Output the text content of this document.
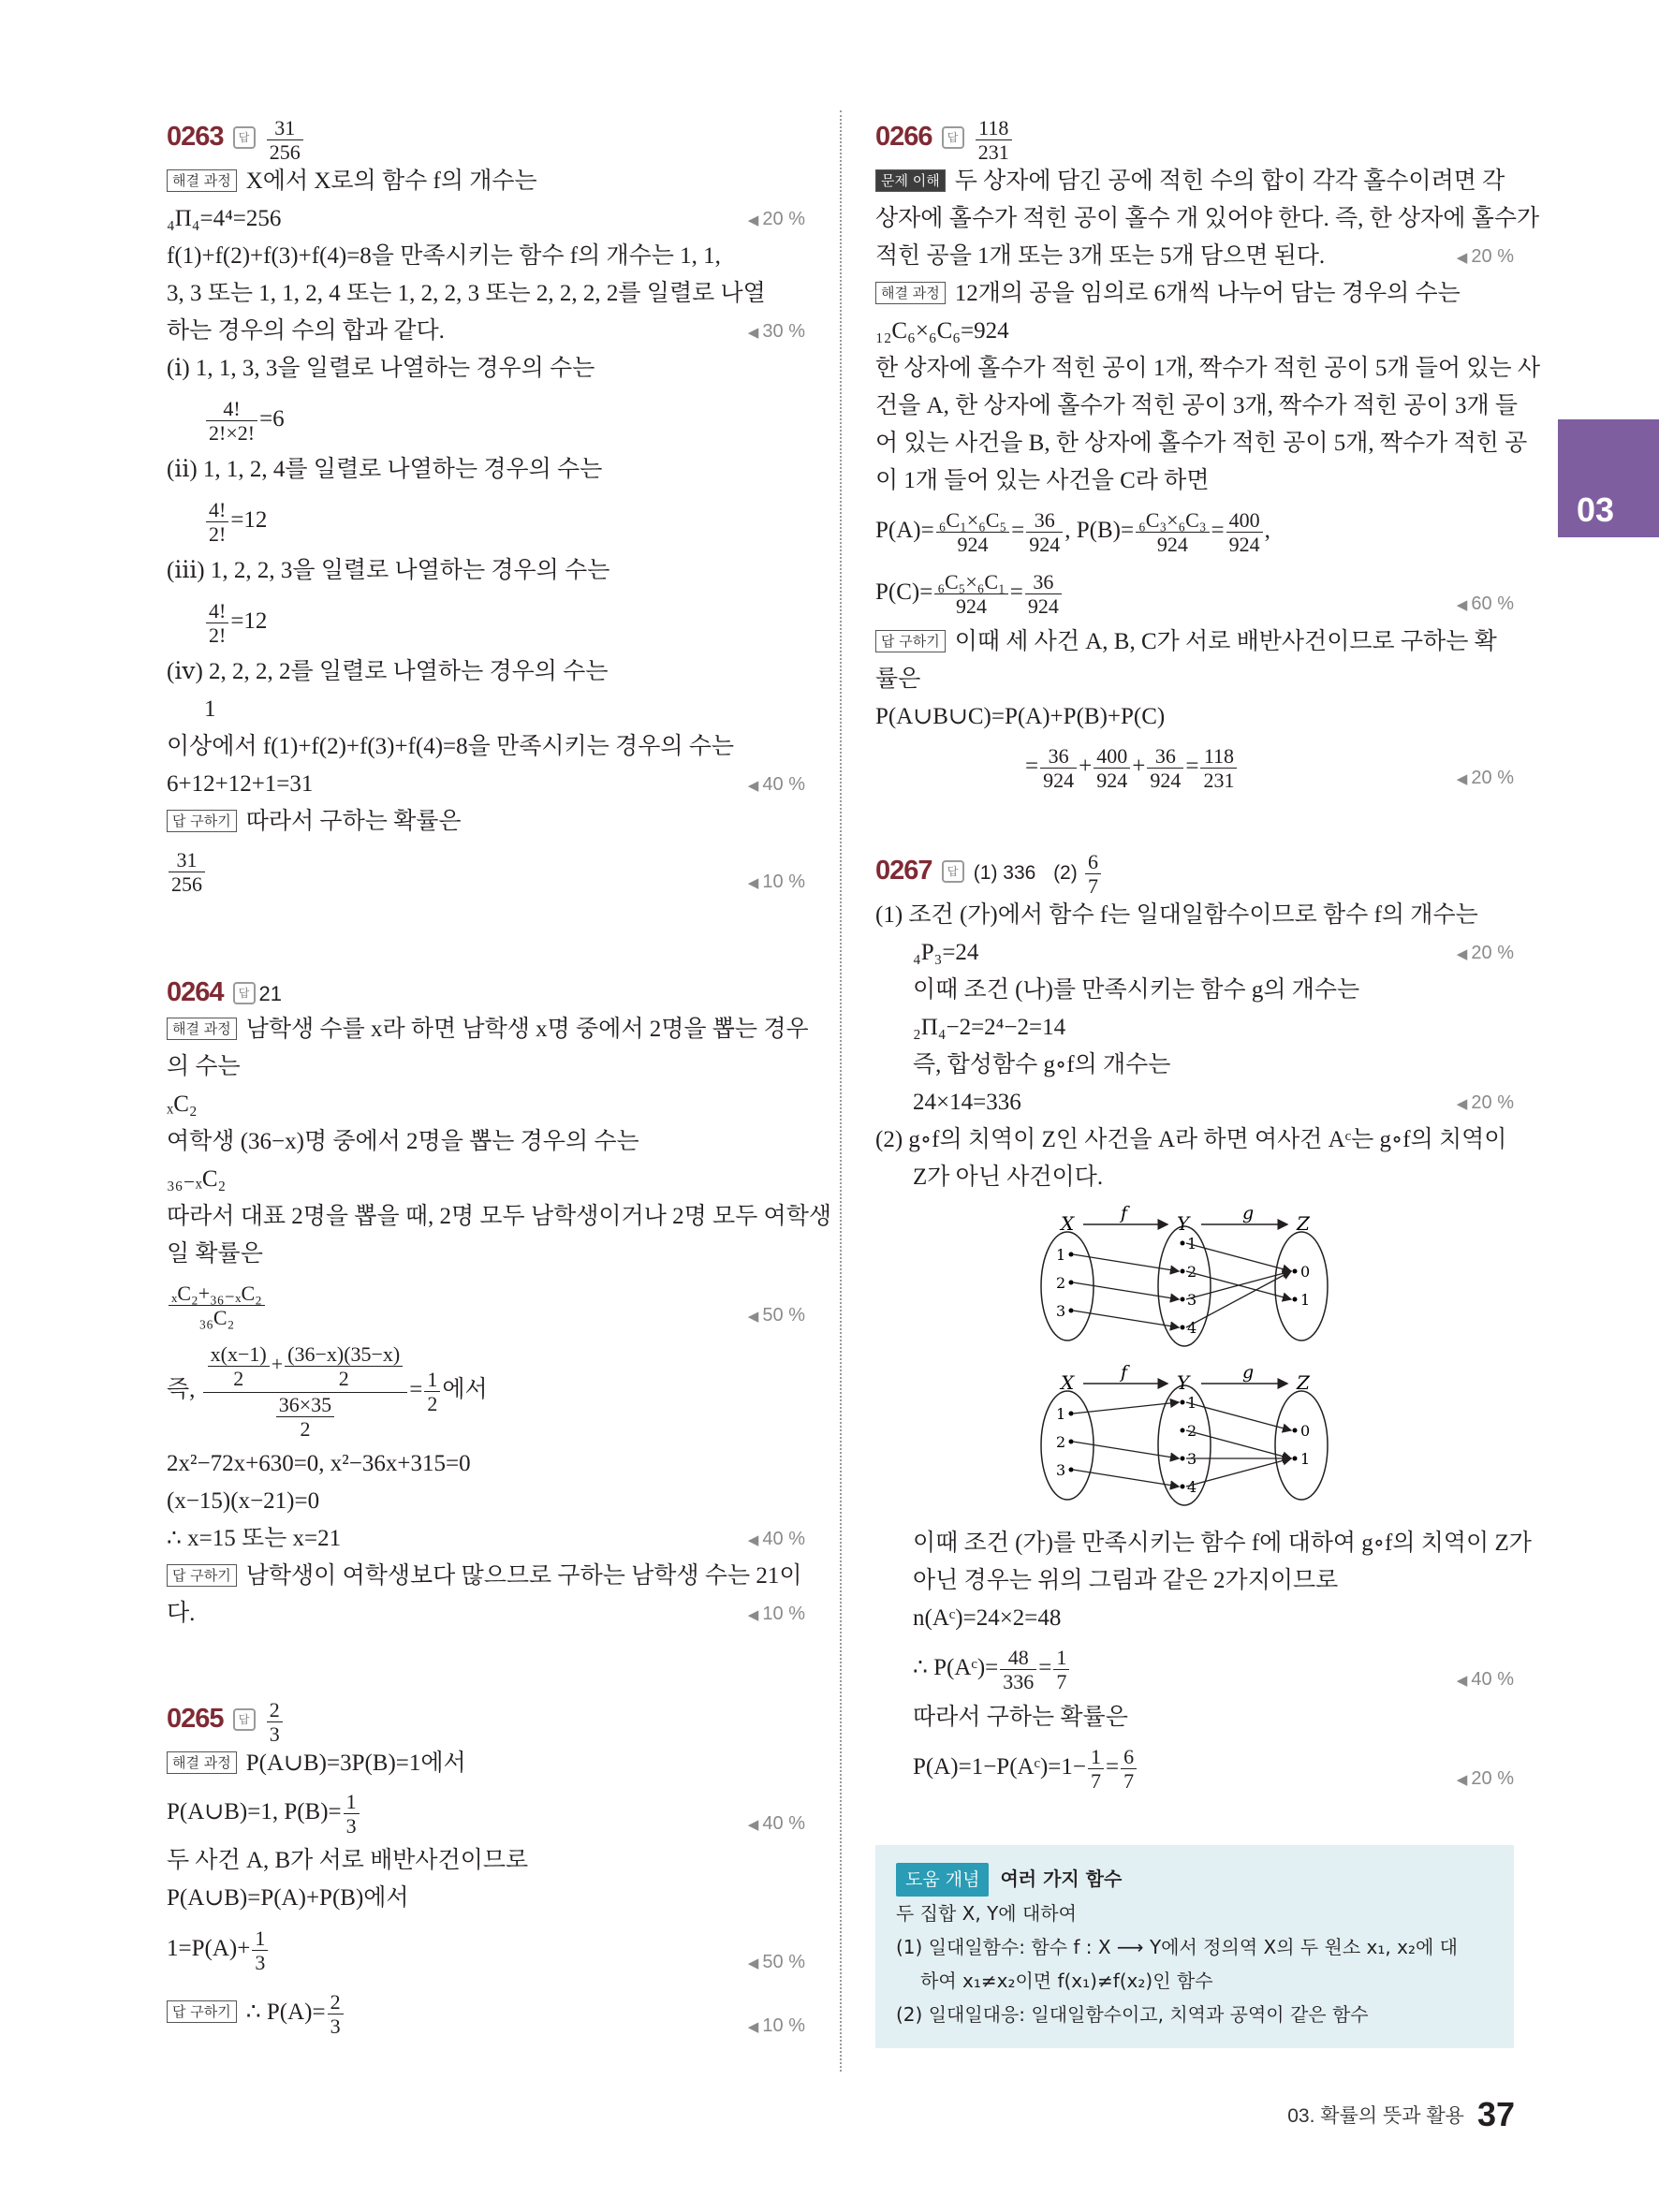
03
0263 답 $\frac{31}{256}$
해결 과정 X에서 X로의 함수 f의 개수는
₄Π₄=4⁴=256	◀ 20 %
f(1)+f(2)+f(3)+f(4)=8을 만족시키는 함수 f의 개수는 1, 1,
3, 3 또는 1, 1, 2, 4 또는 1, 2, 2, 3 또는 2, 2, 2, 2를 일렬로 나열
하는 경우의 수의 합과 같다.	◀ 30 %
(ⅰ) 1, 1, 3, 3을 일렬로 나열하는 경우의 수는
$\frac{4!}{2!\times 2!} =6$
(ⅱ) 1, 1, 2, 4를 일렬로 나열하는 경우의 수는
$\frac{4!}{2!} =12$
(ⅲ) 1, 2, 2, 3을 일렬로 나열하는 경우의 수는
$\frac{4!}{2!} =12$
(ⅳ) 2, 2, 2, 2를 일렬로 나열하는 경우의 수는
1
이상에서 f(1)+f(2)+f(3)+f(4)=8을 만족시키는 경우의 수는
6+12+12+1=31	◀ 40 %
답 구하기 따라서 구하는 확률은
$\frac{31}{256}$	◀ 10 %
0264 답 21
해결 과정 남학생 수를 x라 하면 남학생 x명 중에서 2명을 뽑는 경우
의 수는
ₓC₂
여학생 (36−x)명 중에서 2명을 뽑는 경우의 수는
₃₆₋ₓC₂
따라서 대표 2명을 뽑을 때, 2명 모두 남학생이거나 2명 모두 여학생
일 확률은
$\frac{\text{ₓC₂+₃₆₋ₓC₂}}{\text{₃₆C₂}}$	◀ 50 %
즉, $\frac{\frac{x(x-1)}{2} + \frac{(36-x)(35-x)}{2}}{\frac{36\times 35}{2}} = \frac{1}{2}$ 에서
2x²−72x+630=0, x²−36x+315=0
(x−15)(x−21)=0
∴ x=15 또는 x=21	◀ 40 %
답 구하기 남학생이 여학생보다 많으므로 구하는 남학생 수는 21이
다.	◀ 10 %
0265 답 $\frac{2}{3}$
해결 과정 P(A∪B)=3P(B)=1에서
P(A∪B)=1, $P(B)= \frac{1}{3}$	◀ 40 %
두 사건 A, B가 서로 배반사건이므로
P(A∪B)=P(A)+P(B)에서
$1=P(A)+ \frac{1}{3}$	◀ 50 %
답 구하기 ∴ $P(A)= \frac{2}{3}$	◀ 10 %
0266 답 $\frac{118}{231}$
문제 이해 두 상자에 담긴 공에 적힌 수의 합이 각각 홀수이려면 각
상자에 홀수가 적힌 공이 홀수 개 있어야 한다. 즉, 한 상자에 홀수가
적힌 공을 1개 또는 3개 또는 5개 담으면 된다.	◀ 20 %
해결 과정 12개의 공을 임의로 6개씩 나누어 담는 경우의 수는
₁₂C₆×₆C₆=924
한 상자에 홀수가 적힌 공이 1개, 짝수가 적힌 공이 5개 들어 있는 사
건을 A, 한 상자에 홀수가 적힌 공이 3개, 짝수가 적힌 공이 3개 들
어 있는 사건을 B, 한 상자에 홀수가 적힌 공이 5개, 짝수가 적힌 공
이 1개 들어 있는 사건을 C라 하면
$P(A)= \frac{\text{₆C₁×₆C₅}}{924} = \frac{36}{924}$ , $P(B)= \frac{\text{₆C₃×₆C₃}}{924} = \frac{400}{924}$ ,
$P(C)= \frac{\text{₆C₅×₆C₁}}{924} = \frac{36}{924}$	◀ 60 %
답 구하기 이때 세 사건 A, B, C가 서로 배반사건이므로 구하는 확
률은
P(A∪B∪C)=P(A)+P(B)+P(C)
= $\frac{36}{924} + \frac{400}{924} + \frac{36}{924} = \frac{118}{231}$	◀ 20 %
0267 답 (1) 336 $(2) \frac{6}{7}$
(1) 조건 (가)에서 함수 f는 일대일함수이므로 함수 f의 개수는
₄P₃=24	◀ 20 %
이때 조건 (나)를 만족시키는 함수 g의 개수는
₂Π₄−2=2⁴−2=14
즉, 합성함수 g∘f의 개수는
24×14=336	◀ 20 %
(2) g∘f의 치역이 Z인 사건을 A라 하면 여사건 Aᶜ는 g∘f의 치역이
Z가 아닌 사건이다.
X	Y	Z
f	g
1
2
3
1
2
3
4
0
1
X	Y	Z
f	g
1
2
3
1
2
3
4
0
1
이때 조건 (가)를 만족시키는 함수 f에 대하여 g∘f의 치역이 Z가
아닌 경우는 위의 그림과 같은 2가지이므로
n(Aᶜ)=24×2=48
∴ P(Aᶜ)= $\frac{48}{336} = \frac{1}{7}$	◀ 40 %
따라서 구하는 확률은
P(A)=1−P(Aᶜ)=1− $\frac{1}{7} = \frac{6}{7}$	◀ 20 %
도움 개념 여러 가지 함수
두 집합 X, Y에 대하여
(1) 일대일함수: 함수 f : X ⟶ Y에서 정의역 X의 두 원소 x₁, x₂에 대
하여 x₁≠x₂이면 f(x₁)≠f(x₂)인 함수
(2) 일대일대응: 일대일함수이고, 치역과 공역이 같은 함수
03. 확률의 뜻과 활용 37
